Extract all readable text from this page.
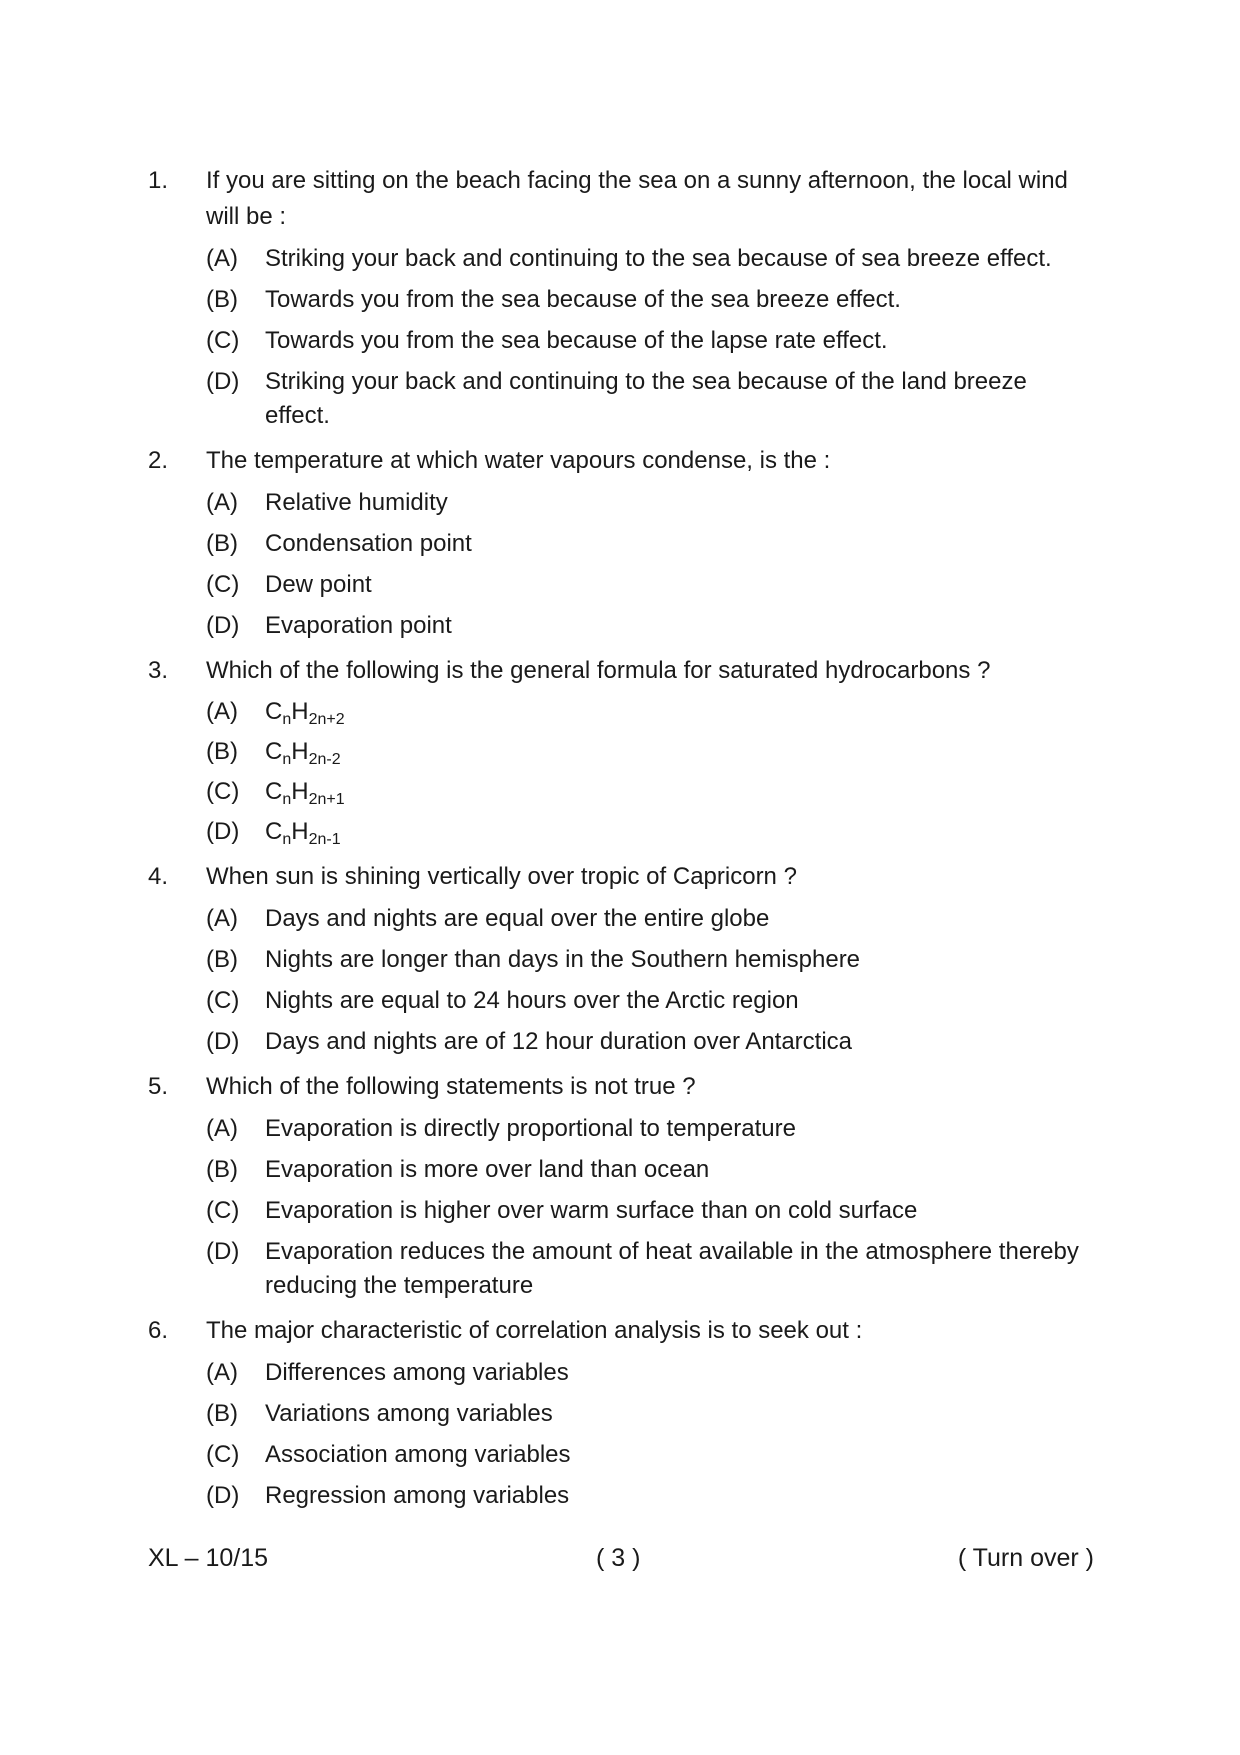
1.	If you are sitting on the beach facing the sea on a sunny afternoon, the local wind will be :
(A)	Striking your back and continuing to the sea because of sea breeze effect.
(B)	Towards you from the sea because of the sea breeze effect.
(C)	Towards you from the sea because of the lapse rate effect.
(D)	Striking your back and continuing to the sea because of the land breeze effect.
2.	The temperature at which water vapours condense, is the :
(A)	Relative humidity
(B)	Condensation point
(C)	Dew point
(D)	Evaporation point
3.	Which of the following is the general formula for saturated hydrocarbons ?
(A)	$C_nH_{2n+2}$
(B)	$C_nH_{2n-2}$
(C)	$C_nH_{2n+1}$
(D)	$C_nH_{2n-1}$
4.	When sun is shining vertically over tropic of Capricorn ?
(A)	Days and nights are equal over the entire globe
(B)	Nights are longer than days in the Southern hemisphere
(C)	Nights are equal to 24 hours over the Arctic region
(D)	Days and nights are of 12 hour duration over Antarctica
5.	Which of the following statements is not true ?
(A)	Evaporation is directly proportional to temperature
(B)	Evaporation is more over land than ocean
(C)	Evaporation is higher over warm surface than on cold surface
(D)	Evaporation reduces the amount of heat available in the atmosphere thereby reducing the temperature
6.	The major characteristic of correlation analysis is to seek out :
(A)	Differences among variables
(B)	Variations among variables
(C)	Association among variables
(D)	Regression among variables
XL – 10/15	( 3 )	( Turn over )
